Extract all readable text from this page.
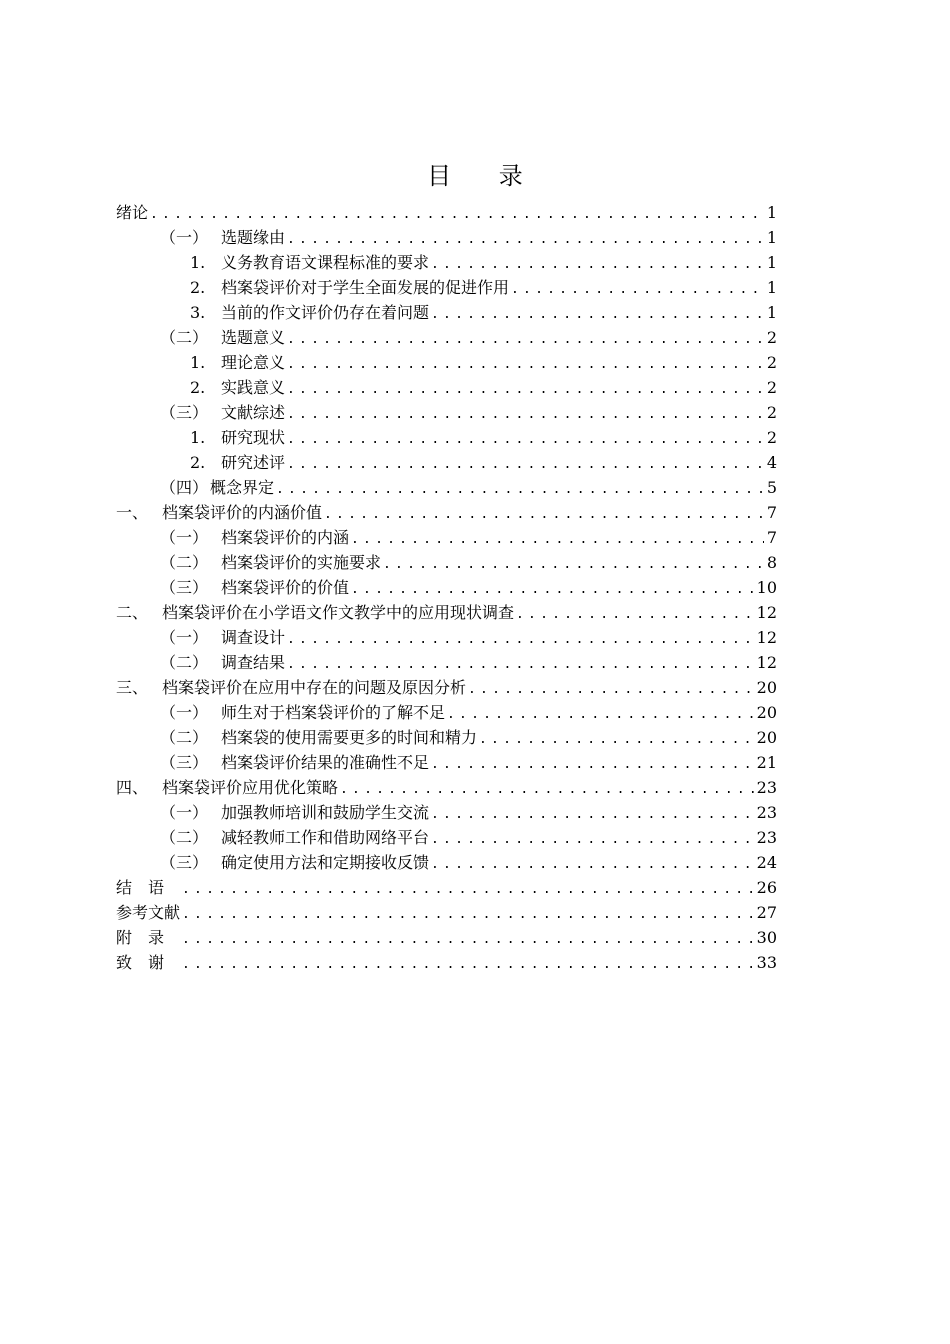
目 录
绪论 .....	1
（一） 选题缘由 .....	1
1. 义务教育语文课程标准的要求 .....	1
2. 档案袋评价对于学生全面发展的促进作用 .....	1
3. 当前的作文评价仍存在着问题 .....	1
（二） 选题意义 .....	2
1. 理论意义 .....	2
2. 实践意义 .....	2
（三） 文献综述 .....	2
1. 研究现状 .....	2
2. 研究述评 .....	4
（四） 概念界定 .....	5
一、 档案袋评价的内涵价值 .....	7
（一） 档案袋评价的内涵 .....	7
（二） 档案袋评价的实施要求 .....	8
（三） 档案袋评价的价值 .....	10
二、 档案袋评价在小学语文作文教学中的应用现状调查 .....	12
（一） 调查设计 .....	12
（二） 调查结果 .....	12
三、 档案袋评价在应用中存在的问题及原因分析 .....	20
（一） 师生对于档案袋评价的了解不足 .....	20
（二） 档案袋的使用需要更多的时间和精力 .....	20
（三） 档案袋评价结果的准确性不足 .....	21
四、 档案袋评价应用优化策略 .....	23
（一） 加强教师培训和鼓励学生交流 .....	23
（二） 减轻教师工作和借助网络平台 .....	23
（三） 确定使用方法和定期接收反馈 .....	24
结语 .....	26
参考文献 .....	27
附录 .....	30
致谢 .....	33
